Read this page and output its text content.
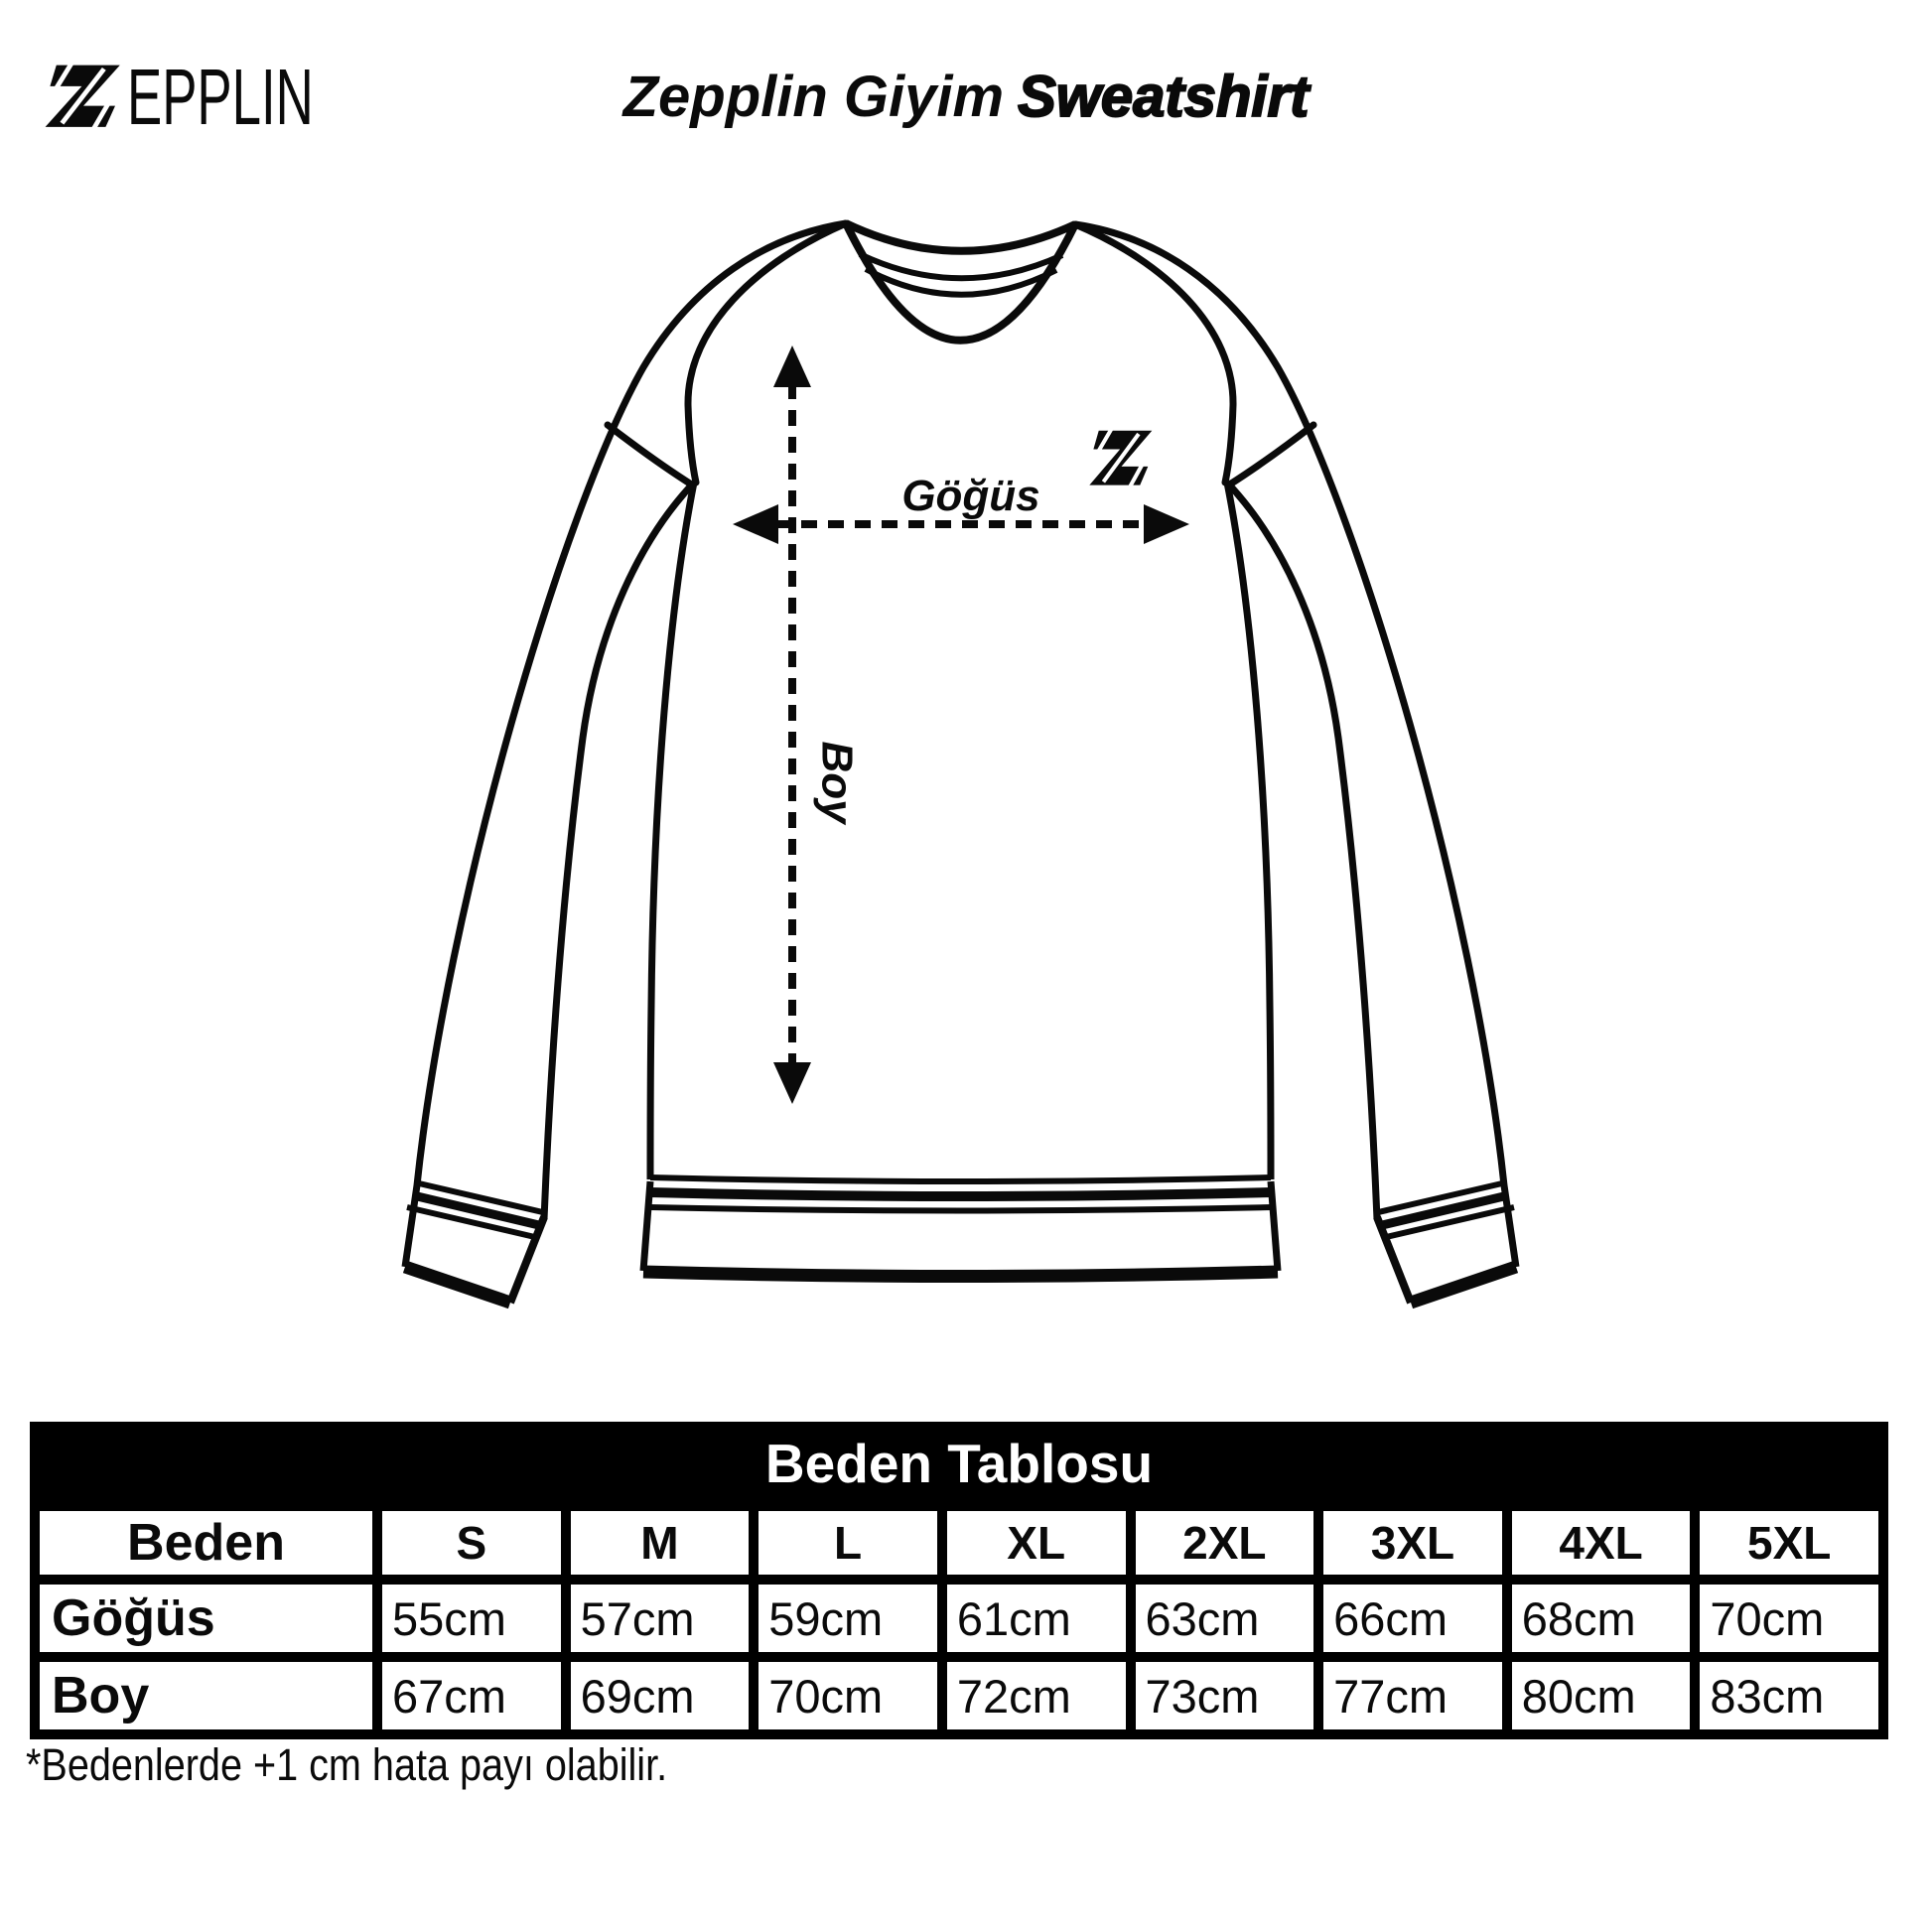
EPPLIN	Zepplin Giyim Sweatshirt
Göğüs
Boy
Beden Tablosu								
Beden	S	M	L	XL	2XL	3XL	4XL	5XL
Göğüs	55cm	57cm	59cm	61cm	63cm	66cm	68cm	70cm
Boy	67cm	69cm	70cm	72cm	73cm	77cm	80cm	83cm
*Bedenlerde +1 cm hata payı olabilir.
